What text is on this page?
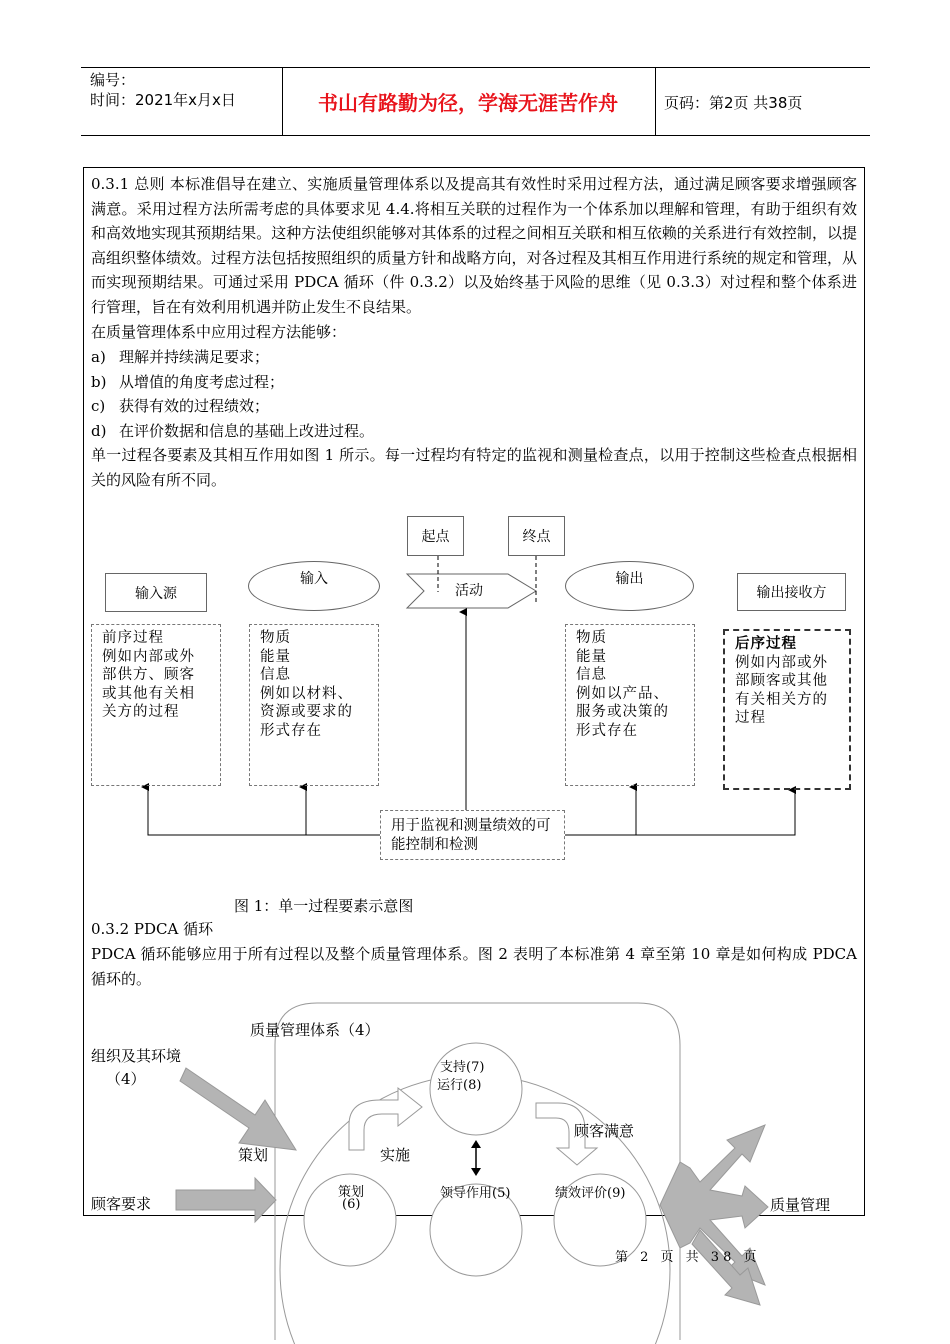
编号：
时间：2021年x月x日	书山有路勤为径，学海无涯苦作舟	页码：第2页 共38页
0.3.1 总则 本标准倡导在建立、实施质量管理体系以及提高其有效性时采用过程方法，通过满足顾客要求增强顾客满意。采用过程方法所需考虑的具体要求见 4.4.将相互关联的过程作为一个体系加以理解和管理，有助于组织有效和高效地实现其预期结果。这种方法使组织能够对其体系的过程之间相互关联和相互依赖的关系进行有效控制，以提高组织整体绩效。过程方法包括按照组织的质量方针和战略方向，对各过程及其相互作用进行系统的规定和管理，从而实现预期结果。可通过采用 PDCA 循环（件 0.3.2）以及始终基于风险的思维（见 0.3.3）对过程和整个体系进行管理，旨在有效利用机遇并防止发生不良结果。
在质量管理体系中应用过程方法能够：
a) 理解并持续满足要求；
b) 从增值的角度考虑过程；
c) 获得有效的过程绩效；
d) 在评价数据和信息的基础上改进过程。
单一过程各要素及其相互作用如图 1 所示。每一过程均有特定的监视和测量检查点，以用于控制这些检查点根据相关的风险有所不同。
起点	终点
输入源
输入
活动
输出
输出接收方
前序过程
例如内部或外部供方、顾客或其他有关相关方的过程
物质
能量
信息
例如以材料、资源或要求的形式存在
物质
能量
信息
例如以产品、服务或决策的形式存在
后序过程
例如内部或外部顾客或其他有关相关方的过程
用于监视和测量绩效的可能控制和检测
图 1：单一过程要素示意图
0.3.2 PDCA 循环
PDCA 循环能够应用于所有过程以及整个质量管理体系。图 2 表明了本标准第 4 章至第 10 章是如何构成 PDCA 循环的。
质量管理体系（4）
组织及其环境
（4）
支持(7)
运行(8)
顾客满意
策划	实施
顾客要求
策划
(6)
领导作用(5)	绩效评价(9)
质量管理
第 2 页 共 38 页
